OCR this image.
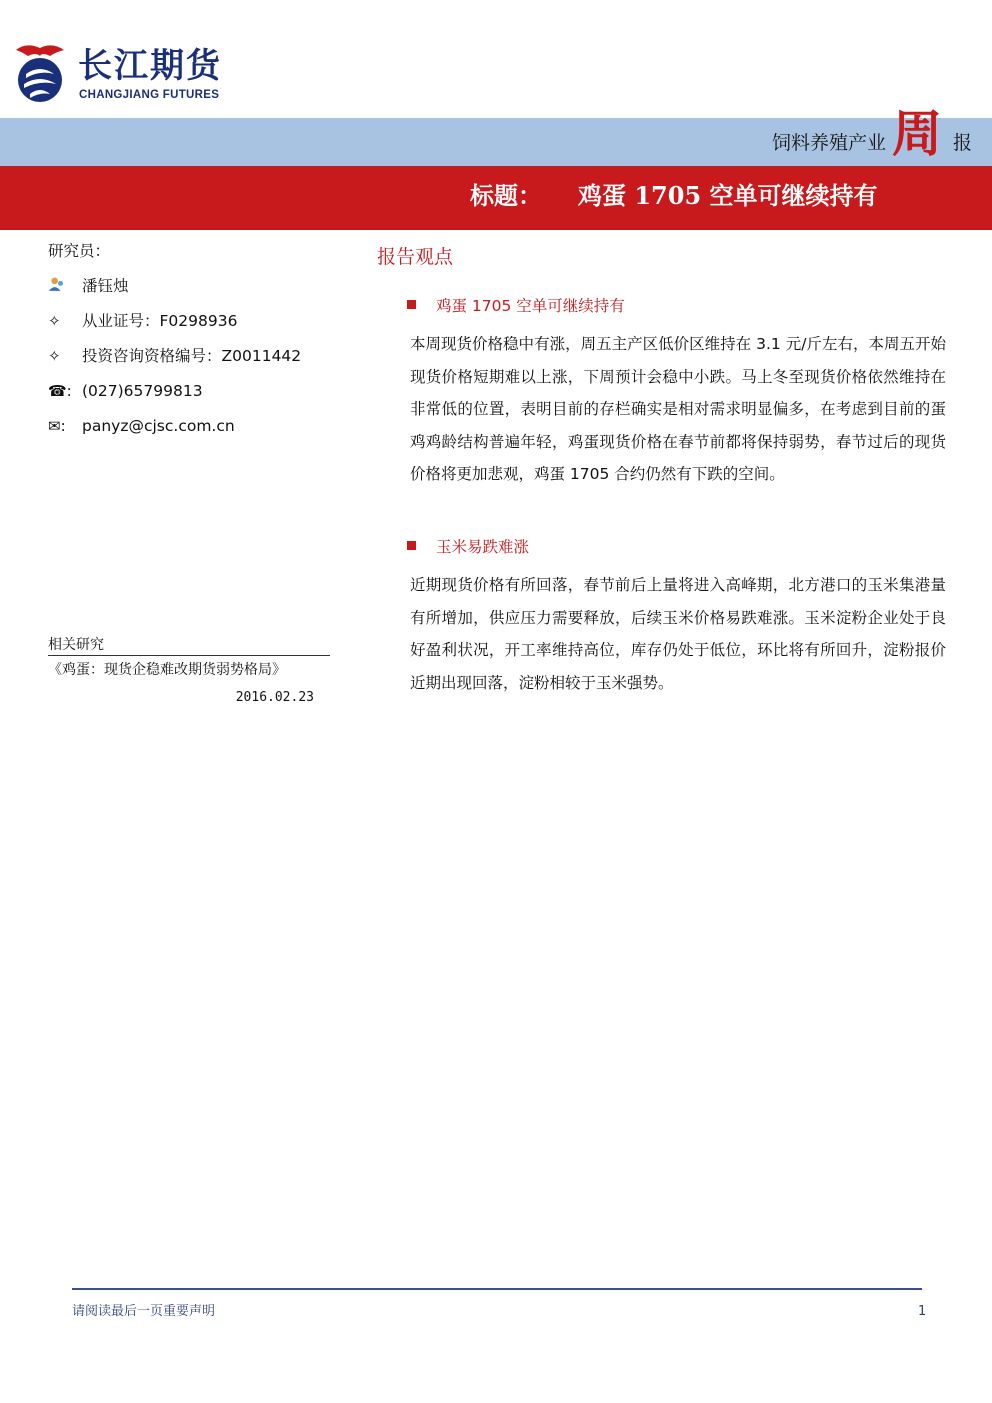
长江期货
CHANGJIANG FUTURES
饲料养殖产业 周 报
标题： 鸡蛋 1705 空单可继续持有
研究员：
潘钰烛
✧	从业证号：F0298936
✧	投资咨询资格编号：Z0011442
☎: (027)65799813
✉:	panyz@cjsc.com.cn
相关研究
《鸡蛋：现货企稳难改期货弱势格局》
2016.02.23
报告观点
鸡蛋 1705 空单可继续持有
本周现货价格稳中有涨，周五主产区低价区维持在 3.1 元/斤左右，本周五开始现货价格短期难以上涨，下周预计会稳中小跌。马上冬至现货价格依然维持在非常低的位置，表明目前的存栏确实是相对需求明显偏多，在考虑到目前的蛋鸡鸡龄结构普遍年轻，鸡蛋现货价格在春节前都将保持弱势，春节过后的现货价格将更加悲观，鸡蛋 1705 合约仍然有下跌的空间。
玉米易跌难涨
近期现货价格有所回落，春节前后上量将进入高峰期，北方港口的玉米集港量有所增加，供应压力需要释放，后续玉米价格易跌难涨。玉米淀粉企业处于良好盈利状况，开工率维持高位，库存仍处于低位，环比将有所回升，淀粉报价近期出现回落，淀粉相较于玉米强势。
请阅读最后一页重要声明	1
